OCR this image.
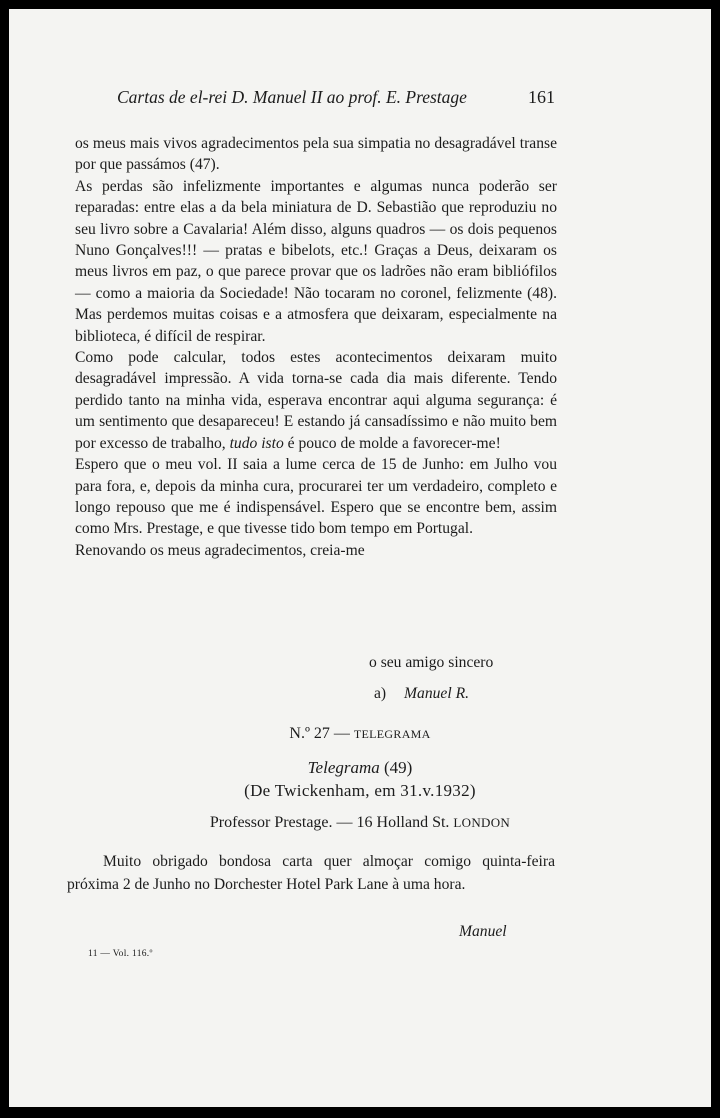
Cartas de el-rei D. Manuel II ao prof. E. Prestage	161

os meus mais vivos agradecimentos pela sua simpatia no desagradável transe por que passámos (47).

As perdas são infelizmente importantes e algumas nunca poderão ser reparadas: entre elas a da bela miniatura de D. Sebastião que reproduziu no seu livro sobre a Cavalaria! Além disso, alguns quadros — os dois pequenos Nuno Gonçalves!!! — pratas e bibelots, etc.! Graças a Deus, deixaram os meus livros em paz, o que parece provar que os ladrões não eram bibliófilos — como a maioria da Sociedade! Não tocaram no coronel, felizmente (48). Mas perdemos muitas coisas e a atmosfera que deixaram, especialmente na biblioteca, é difícil de respirar.

Como pode calcular, todos estes acontecimentos deixaram muito desagradável impressão. A vida torna-se cada dia mais diferente. Tendo perdido tanto na minha vida, esperava encontrar aqui alguma segurança: é um sentimento que desapareceu! E estando já cansadíssimo e não muito bem por excesso de trabalho, tudo isto é pouco de molde a favorecer-me!

Espero que o meu vol. II saia a lume cerca de 15 de Junho: em Julho vou para fora, e, depois da minha cura, procurarei ter um verdadeiro, completo e longo repouso que me é indispensável. Espero que se encontre bem, assim como Mrs. Prestage, e que tivesse tido bom tempo em Portugal.

Renovando os meus agradecimentos, creia-me

o seu amigo sincero
a) Manuel R.
N.º 27 — TELEGRAMA
Telegrama (49)
(De Twickenham, em 31.v.1932)
Professor Prestage. — 16 Holland St. LONDON

Muito obrigado bondosa carta quer almoçar comigo quinta-feira próxima 2 de Junho no Dorchester Hotel Park Lane à uma hora.

Manuel
11 — Vol. 116.º
